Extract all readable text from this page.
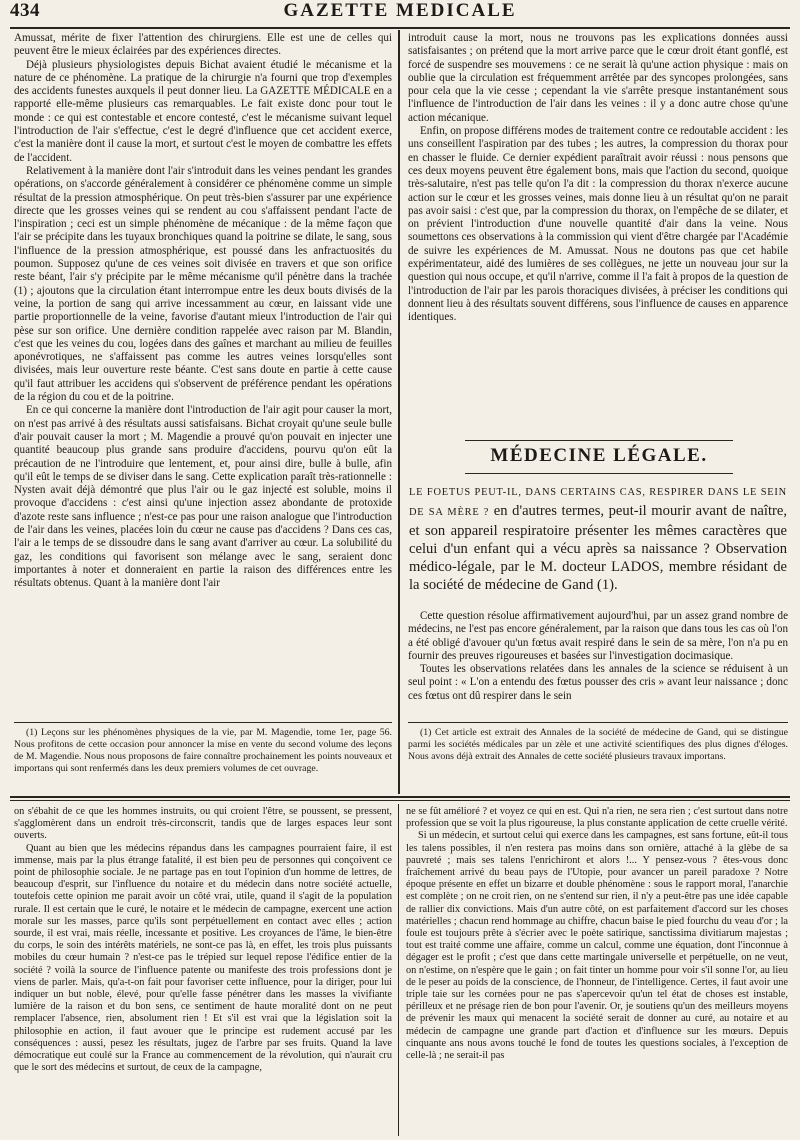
434	GAZETTE MEDICALE

Amussat, mérite de fixer l'attention des chirurgiens. Elle est une de celles qui peuvent être le mieux éclairées par des expériences directes.

Déjà plusieurs physiologistes depuis Bichat avaient étudié le mécanisme et la nature de ce phénomène. La pratique de la chirurgie n'a fourni que trop d'exemples des accidents funestes auxquels il peut donner lieu. La GAZETTE MÉDICALE en a rapporté elle-même plusieurs cas remarquables. Le fait existe donc pour tout le monde : ce qui est contestable et encore contesté, c'est le mécanisme suivant lequel l'introduction de l'air s'effectue, c'est le degré d'influence que cet accident exerce, c'est la manière dont il cause la mort, et surtout c'est le moyen de combattre les effets de l'accident.

Relativement à la manière dont l'air s'introduit dans les veines pendant les grandes opérations, on s'accorde généralement à considérer ce phénomène comme un simple résultat de la pression atmosphérique. On peut très-bien s'assurer par une expérience directe que les grosses veines qui se rendent au cou s'affaissent pendant l'acte de l'inspiration ; ceci est un simple phénomène de mécanique : de la même façon que l'air se précipite dans les tuyaux bronchiques quand la poitrine se dilate, le sang, sous l'influence de la pression atmosphérique, est poussé dans les anfractuosités du poumon. Supposez qu'une de ces veines soit divisée en travers et que son orifice reste béant, l'air s'y précipite par le même mécanisme qu'il pénètre dans la trachée (1) ; ajoutons que la circulation étant interrompue entre les deux bouts divisés de la veine, la portion de sang qui arrive incessamment au cœur, en laissant vide une partie proportionnelle de la veine, favorise d'autant mieux l'introduction de l'air qui pèse sur son orifice. Une dernière condition rappelée avec raison par M. Blandin, c'est que les veines du cou, logées dans des gaînes et marchant au milieu de feuilles aponévrotiques, ne s'affaissent pas comme les autres veines lorsqu'elles sont divisées, mais leur ouverture reste béante. C'est sans doute en partie à cette cause qu'il faut attribuer les accidens qui s'observent de préférence pendant les opérations de la région du cou et de la poitrine.

En ce qui concerne la manière dont l'introduction de l'air agit pour causer la mort, on n'est pas arrivé à des résultats aussi satisfaisans. Bichat croyait qu'une seule bulle d'air pouvait causer la mort ; M. Magendie a prouvé qu'on pouvait en injecter une quantité beaucoup plus grande sans produire d'accidens, pourvu qu'on eût la précaution de ne l'introduire que lentement, et, pour ainsi dire, bulle à bulle, afin qu'il eût le temps de se diviser dans le sang. Cette explication paraît très-rationnelle : Nysten avait déjà démontré que plus l'air ou le gaz injecté est soluble, moins il provoque d'accidens : c'est ainsi qu'une injection assez abondante de protoxide d'azote reste sans influence ; n'est-ce pas pour une raison analogue que l'introduction de l'air dans les veines, placées loin du cœur ne cause pas d'accidens ? Dans ces cas, l'air a le temps de se dissoudre dans le sang avant d'arriver au cœur. La solubilité du gaz, les conditions qui favorisent son mélange avec le sang, seraient donc importantes à noter et donneraient en partie la raison des différences entre les résultats obtenus. Quant à la manière dont l'air

(1) Leçons sur les phénomènes physiques de la vie, par M. Magendie, tome 1er, page 56. Nous profitons de cette occasion pour annoncer la mise en vente du second volume des leçons de M. Magendie. Nous nous proposons de faire connaître prochainement les points nouveaux et importans qui sont renfermés dans les deux premiers volumes de cet ouvrage.

introduit cause la mort, nous ne trouvons pas les explications données aussi satisfaisantes ; on prétend que la mort arrive parce que le cœur droit étant gonflé, est forcé de suspendre ses mouvemens : ce ne serait là qu'une action physique : mais on oublie que la circulation est fréquemment arrêtée par des syncopes prolongées, sans pour cela que la vie cesse ; cependant la vie s'arrête presque instantanément sous l'influence de l'introduction de l'air dans les veines : il y a donc autre chose qu'une action mécanique.

Enfin, on propose différens modes de traitement contre ce redoutable accident : les uns conseillent l'aspiration par des tubes ; les autres, la compression du thorax pour en chasser le fluide. Ce dernier expédient paraîtrait avoir réussi : nous pensons que ces deux moyens peuvent être également bons, mais que l'action du second, quoique très-salutaire, n'est pas telle qu'on l'a dit : la compression du thorax n'exerce aucune action sur le cœur et les grosses veines, mais donne lieu à un résultat qu'on ne parait pas avoir saisi : c'est que, par la compression du thorax, on l'empêche de se dilater, et on prévient l'introduction d'une nouvelle quantité d'air dans la veine. Nous soumettons ces observations à la commission qui vient d'être chargée par l'Académie de suivre les expériences de M. Amussat. Nous ne doutons pas que cet habile expérimentateur, aidé des lumières de ses collègues, ne jette un nouveau jour sur la question qui nous occupe, et qu'il n'arrive, comme il l'a fait à propos de la question de l'introduction de l'air par les parois thoraciques divisées, à préciser les conditions qui donnent lieu à des résultats souvent différens, sous l'influence de causes en apparence identiques.

MÉDECINE LÉGALE.
LE FOETUS PEUT-IL, DANS CERTAINS CAS, RESPIRER DANS LE SEIN DE SA MÈRE ? en d'autres termes, peut-il mourir avant de naître, et son appareil respiratoire présenter les mêmes caractères que celui d'un enfant qui a vécu après sa naissance ? Observation médico-légale, par le M. docteur LADOS, membre résidant de la société de médecine de Gand (1).

Cette question résolue affirmativement aujourd'hui, par un assez grand nombre de médecins, ne l'est pas encore généralement, par la raison que dans tous les cas où l'on a été obligé d'avouer qu'un fœtus avait respiré dans le sein de sa mère, l'on n'a pu en fournir des preuves rigoureuses et basées sur l'investigation docimasique.

Toutes les observations relatées dans les annales de la science se réduisent à un seul point : « L'on a entendu des fœtus pousser des cris » avant leur naissance ; donc ces fœtus ont dû respirer dans le sein

(1) Cet article est extrait des Annales de la société de médecine de Gand, qui se distingue parmi les sociétés médicales par un zèle et une activité scientifiques des plus dignes d'éloges. Nous avons déjà extrait des Annales de cette société plusieurs travaux importans.

on s'ébahit de ce que les hommes instruits, ou qui croient l'être, se poussent, se pressent, s'agglomèrent dans un endroit très-circonscrit, tandis que de larges espaces leur sont ouverts.

Quant au bien que les médecins répandus dans les campagnes pourraient faire, il est immense, mais par la plus étrange fatalité, il est bien peu de personnes qui conçoivent ce point de philosophie sociale. Je ne partage pas en tout l'opinion d'un homme de lettres, de beaucoup d'esprit, sur l'influence du notaire et du médecin dans notre société actuelle, toutefois cette opinion me parait avoir un côté vrai, utile, quand il s'agit de la population rurale. Il est certain que le curé, le notaire et le médecin de campagne, exercent une action morale sur les masses, parce qu'ils sont perpétuellement en contact avec elles ; action sourde, il est vrai, mais réelle, incessante et positive. Les croyances de l'âme, le bien-être du corps, le soin des intérêts matériels, ne sont-ce pas là, en effet, les trois plus puissants mobiles du cœur humain ? n'est-ce pas le trépied sur lequel repose l'édifice entier de la société ? voilà la source de l'influence patente ou manifeste des trois professions dont je viens de parler. Mais, qu'a-t-on fait pour favoriser cette influence, pour la diriger, pour lui indiquer un but noble, élevé, pour qu'elle fasse pénétrer dans les masses la vivifiante lumière de la raison et du bon sens, ce sentiment de haute moralité dont on ne peut remplacer l'absence, rien, absolument rien ! Et s'il est vrai que la législation soit la philosophie en action, il faut avouer que le principe est rudement accusé par les conséquences : aussi, pesez les résultats, jugez de l'arbre par ses fruits. Quand la lave démocratique eut coulé sur la France au commencement de la révolution, qui n'aurait cru que le sort des médecins et surtout, de ceux de la campagne,

ne se fût amélioré ? et voyez ce qui en est. Qui n'a rien, ne sera rien ; c'est surtout dans notre profession que se voit la plus rigoureuse, la plus constante application de cette cruelle vérité.

Si un médecin, et surtout celui qui exerce dans les campagnes, est sans fortune, eût-il tous les talens possibles, il n'en restera pas moins dans son ornière, attaché à la glèbe de sa pauvreté ; mais ses talens l'enrichiront et alors !... Y pensez-vous ? êtes-vous donc fraîchement arrivé du beau pays de l'Utopie, pour avancer un pareil paradoxe ? Notre époque présente en effet un bizarre et double phénomène : sous le rapport moral, l'anarchie est complète ; on ne croit rien, on ne s'entend sur rien, il n'y a peut-être pas une idée capable de rallier dix convictions. Mais d'un autre côté, on est parfaitement d'accord sur les choses matérielles ; chacun rend hommage au chiffre, chacun baise le pied fourchu du veau d'or ; la foule est toujours prête à s'écrier avec le poète satirique, sanctissima divitiarum majestas ; tout est traité comme une affaire, comme un calcul, comme une équation, dont l'inconnue à dégager est le profit ; c'est que dans cette martingale universelle et perpétuelle, on ne veut, on n'estime, on n'espère que le gain ; on fait tinter un homme pour voir s'il sonne l'or, au lieu de le peser au poids de la conscience, de l'honneur, de l'intelligence. Certes, il faut avoir une triple taie sur les cornées pour ne pas s'apercevoir qu'un tel état de choses est instable, périlleux et ne présage rien de bon pour l'avenir. Or, je soutiens qu'un des meilleurs moyens de prévenir les maux qui menacent la société serait de donner au curé, au notaire et au médecin de campagne une grande part d'action et d'influence sur les mœurs. Depuis cinquante ans nous avons touché le fond de toutes les questions sociales, à l'exception de celle-là ; ne serait-il pas
